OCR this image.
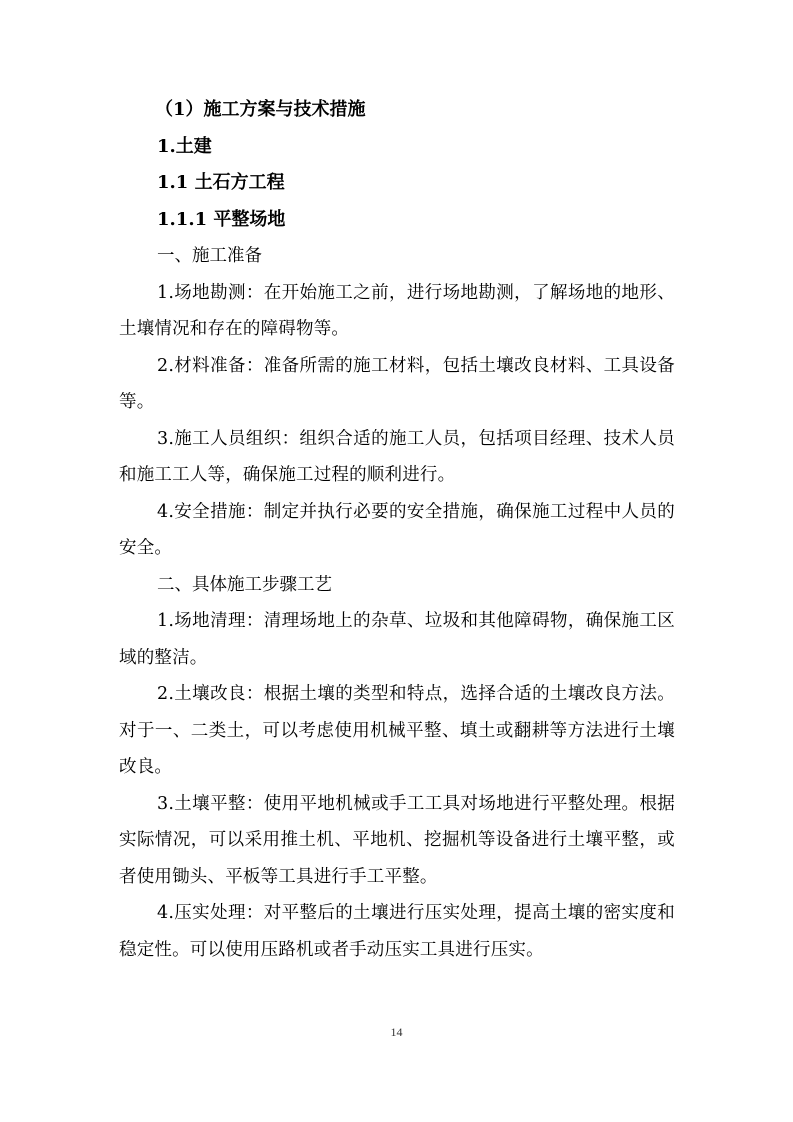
（1）施工方案与技术措施

1.土建

1.1 土石方工程

1.1.1 平整场地

一、施工准备

1.场地勘测：在开始施工之前，进行场地勘测，了解场地的地形、土壤情况和存在的障碍物等。

2.材料准备：准备所需的施工材料，包括土壤改良材料、工具设备等。

3.施工人员组织：组织合适的施工人员，包括项目经理、技术人员和施工工人等，确保施工过程的顺利进行。

4.安全措施：制定并执行必要的安全措施，确保施工过程中人员的安全。

二、具体施工步骤工艺

1.场地清理：清理场地上的杂草、垃圾和其他障碍物，确保施工区域的整洁。

2.土壤改良：根据土壤的类型和特点，选择合适的土壤改良方法。对于一、二类土，可以考虑使用机械平整、填土或翻耕等方法进行土壤改良。

3.土壤平整：使用平地机械或手工工具对场地进行平整处理。根据实际情况，可以采用推土机、平地机、挖掘机等设备进行土壤平整，或者使用锄头、平板等工具进行手工平整。

4.压实处理：对平整后的土壤进行压实处理，提高土壤的密实度和稳定性。可以使用压路机或者手动压实工具进行压实。

14
